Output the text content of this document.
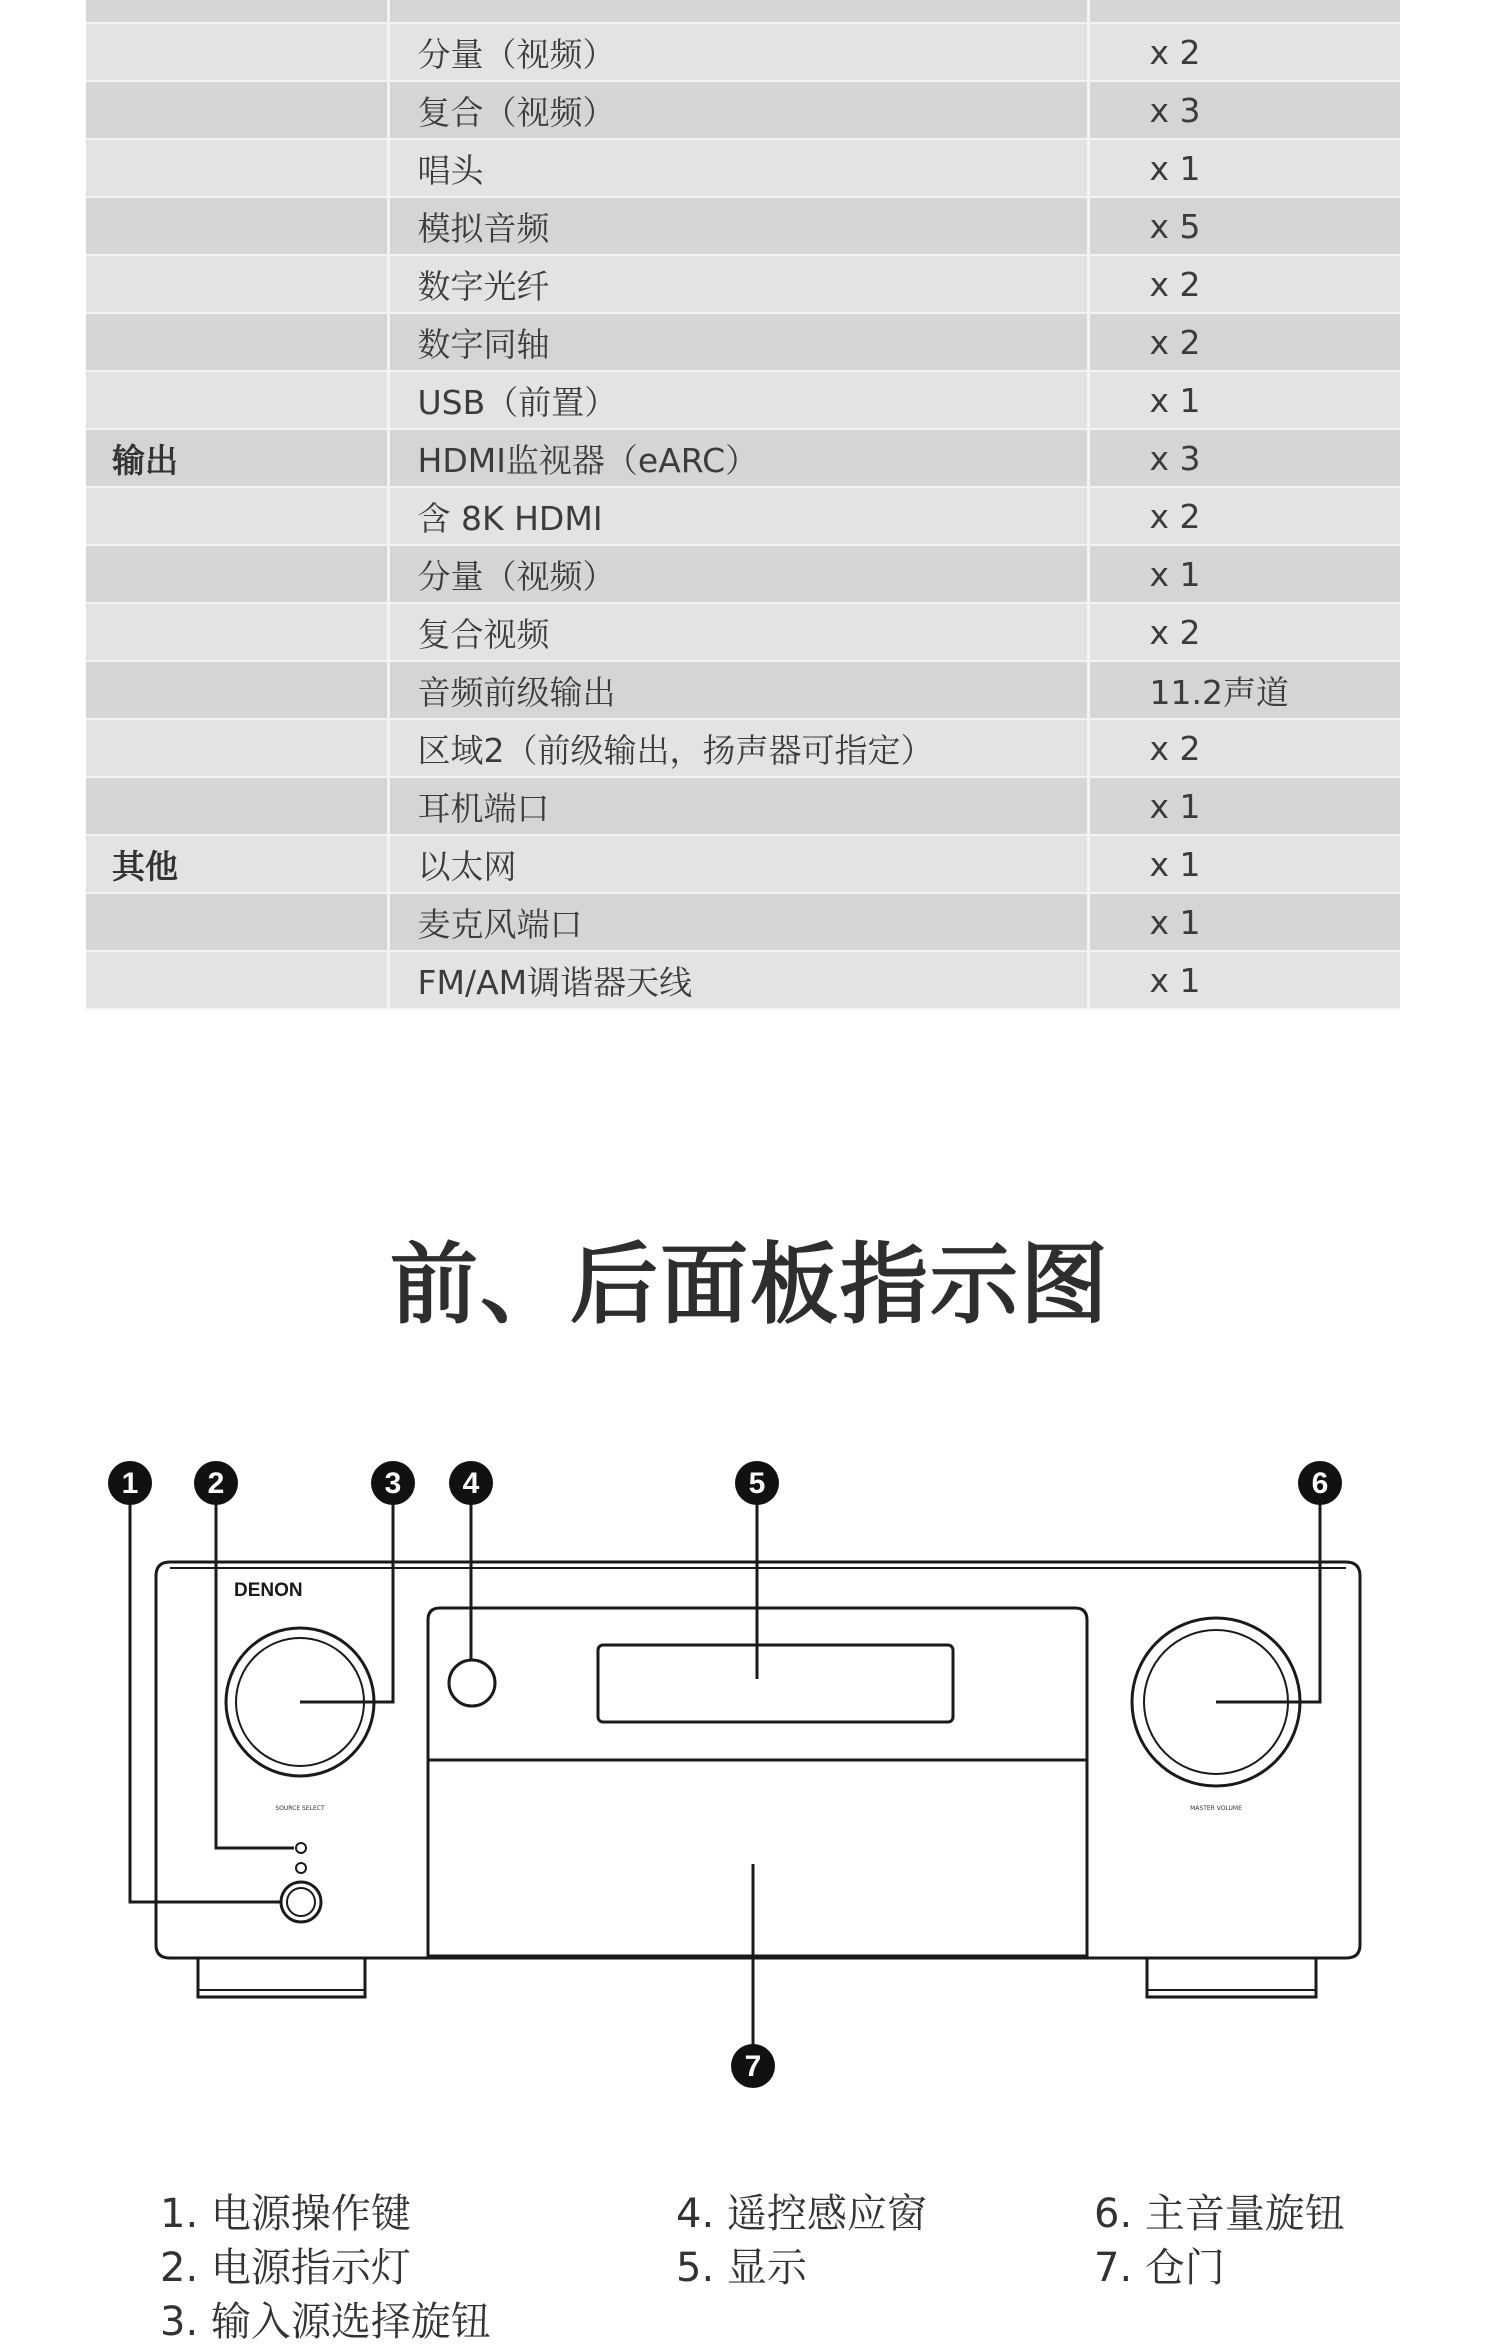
	分量（视频）	x 2
	复合（视频）	x 3
	唱头	x 1
	模拟音频	x 5
	数字光纤	x 2
	数字同轴	x 2
	USB（前置）	x 1
输出	HDMI监视器（eARC）	x 3
	含 8K HDMI	x 2
	分量（视频）	x 1
	复合视频	x 2
	音频前级输出	11.2声道
	区域2（前级输出，扬声器可指定）	x 2
	耳机端口	x 1
其他	以太网	x 1
	麦克风端口	x 1
	FM/AM调谐器天线	x 1
前、后面板指示图
DENON
SOURCE SELECT	MASTER VOLUME
1 2	3 4	5	6
7
1. 电源操作键
2. 电源指示灯
3. 输入源选择旋钮
4. 遥控感应窗
5. 显示
6. 主音量旋钮
7. 仓门
